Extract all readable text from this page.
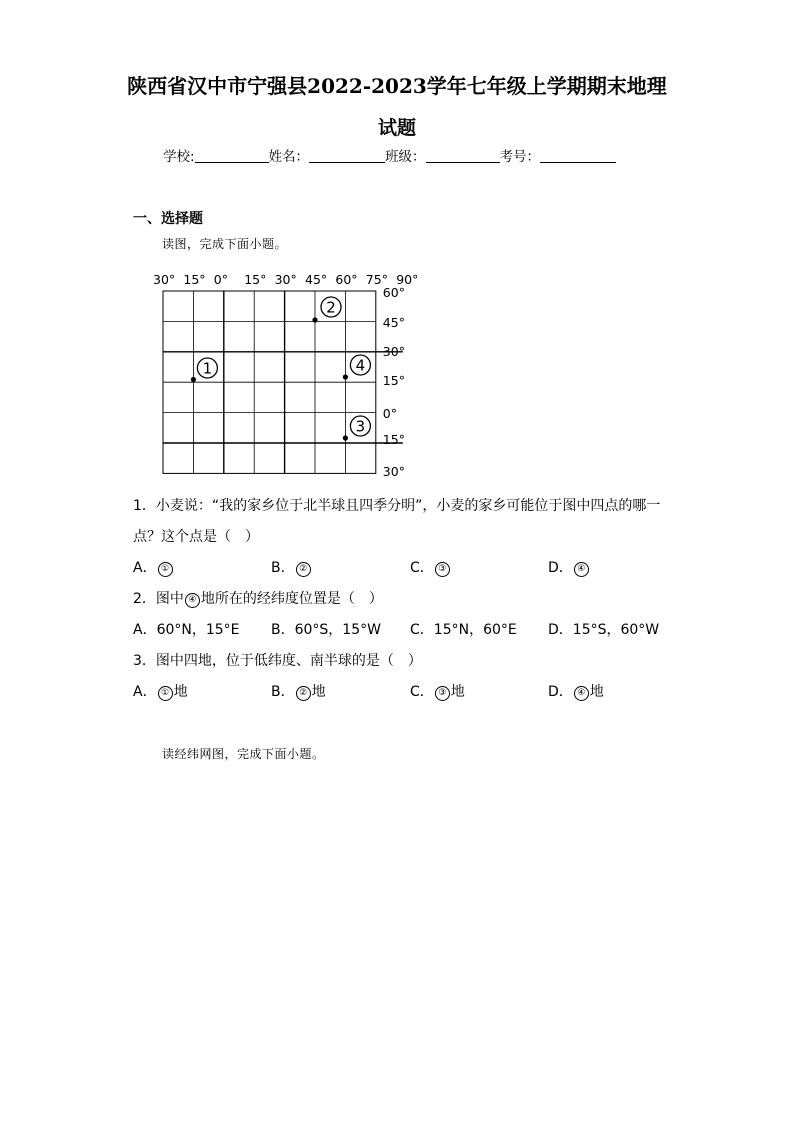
陕西省汉中市宁强县2022-2023学年七年级上学期期末地理
试题
学校:	姓名：	班级：	考号：
一、选择题
读图，完成下面小题。
30° 15° 0° 15° 30° 45° 60° 75° 90°
60°
45°
30°
15°
0°
15°
30°
1
2
3
4
1．小麦说：“我的家乡位于北半球且四季分明”，小麦的家乡可能位于图中四点的哪一
点？这个点是（　）
A． ①	B． ②	C． ③	D． ④
2．图中 ④ 地所在的经纬度位置是（　）
A．60°N，15°E B．60°S，15°W C．15°N，60°E D．15°S，60°W
3．图中四地，位于低纬度、南半球的是（　）
A． ① 地	B． ② 地	C． ③ 地	D． ④ 地
读经纬网图，完成下面小题。
